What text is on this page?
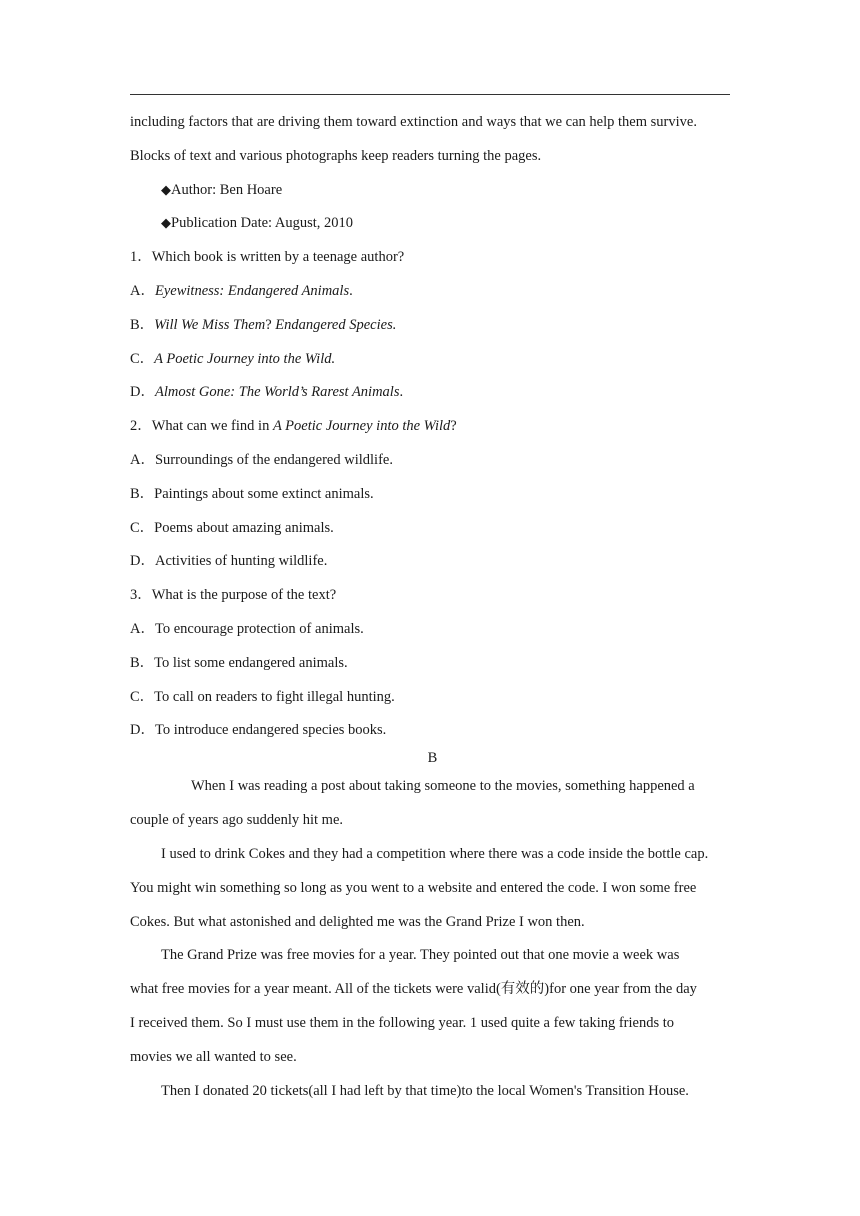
including factors that are driving them toward extinction and ways that we can help them survive.
Blocks of text and various photographs keep readers turning the pages.
◆Author: Ben Hoare
◆Publication Date: August, 2010
1．Which book is written by a teenage author?
A．Eyewitness: Endangered Animals.
B．Will We Miss Them? Endangered Species.
C．A Poetic Journey into the Wild.
D．Almost Gone: The World’s Rarest Animals.
2．What can we find in A Poetic Journey into the Wild?
A．Surroundings of the endangered wildlife.
B．Paintings about some extinct animals.
C．Poems about amazing animals.
D．Activities of hunting wildlife.
3．What is the purpose of the text?
A．To encourage protection of animals.
B．To list some endangered animals.
C．To call on readers to fight illegal hunting.
D．To introduce endangered species books.
B
When I was reading a post about taking someone to the movies, something happened a
couple of years ago suddenly hit me.
I used to drink Cokes and they had a competition where there was a code inside the bottle cap.
You might win something so long as you went to a website and entered the code. I won some free
Cokes. But what astonished and delighted me was the Grand Prize I won then.
The Grand Prize was free movies for a year. They pointed out that one movie a week was
what free movies for a year meant. All of the tickets were valid(有效的)for one year from the day
I received them. So I must use them in the following year. 1 used quite a few taking friends to
movies we all wanted to see.
Then I donated 20 tickets(all I had left by that time)to the local Women's Transition House.
